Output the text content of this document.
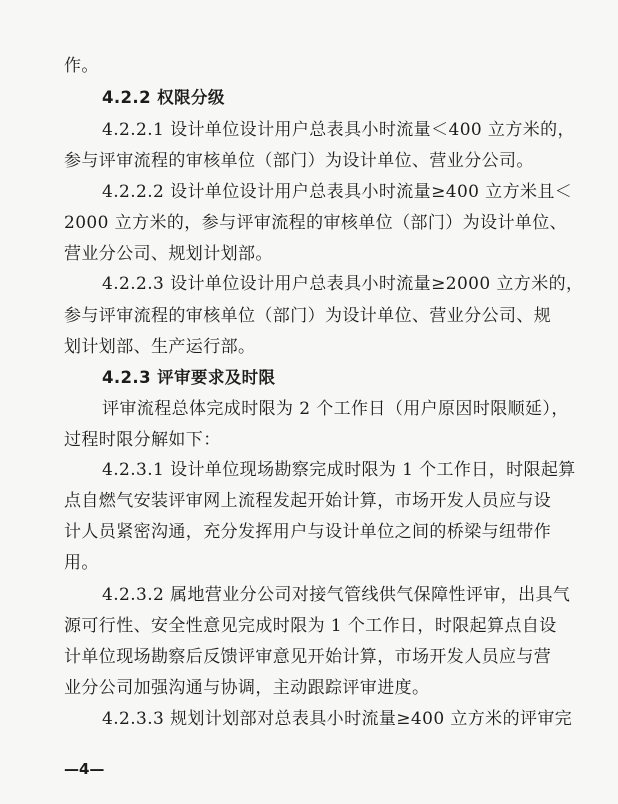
作。
4.2.2 权限分级
4.2.2.1 设计单位设计用户总表具小时流量＜400 立方米的，
参与评审流程的审核单位（部门）为设计单位、营业分公司。
4.2.2.2 设计单位设计用户总表具小时流量≥400 立方米且＜
2000 立方米的，参与评审流程的审核单位（部门）为设计单位、
营业分公司、规划计划部。
4.2.2.3 设计单位设计用户总表具小时流量≥2000 立方米的，
参与评审流程的审核单位（部门）为设计单位、营业分公司、规
划计划部、生产运行部。
4.2.3 评审要求及时限
评审流程总体完成时限为 2 个工作日（用户原因时限顺延），
过程时限分解如下：
4.2.3.1 设计单位现场勘察完成时限为 1 个工作日，时限起算
点自燃气安装评审网上流程发起开始计算，市场开发人员应与设
计人员紧密沟通，充分发挥用户与设计单位之间的桥梁与纽带作
用。
4.2.3.2 属地营业分公司对接气管线供气保障性评审，出具气
源可行性、安全性意见完成时限为 1 个工作日，时限起算点自设
计单位现场勘察后反馈评审意见开始计算，市场开发人员应与营
业分公司加强沟通与协调，主动跟踪评审进度。
4.2.3.3 规划计划部对总表具小时流量≥400 立方米的评审完
—4—
